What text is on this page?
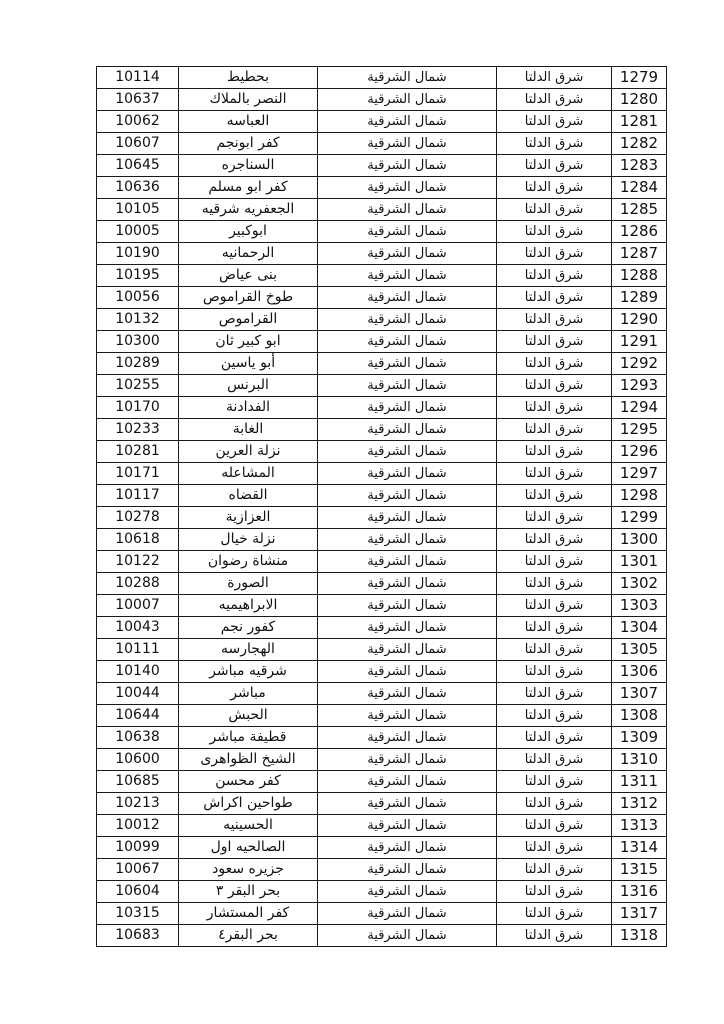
10114	بحطيط	شمال الشرقية	شرق الدلتا	1279
10637	النصر بالملاك	شمال الشرقية	شرق الدلتا	1280
10062	العباسه	شمال الشرقية	شرق الدلتا	1281
10607	كفر ابونجم	شمال الشرقية	شرق الدلتا	1282
10645	السناجره	شمال الشرقية	شرق الدلتا	1283
10636	كفر ابو مسلم	شمال الشرقية	شرق الدلتا	1284
10105	الجعفريه شرقيه	شمال الشرقية	شرق الدلتا	1285
10005	ابوكبير	شمال الشرقية	شرق الدلتا	1286
10190	الرحمانيه	شمال الشرقية	شرق الدلتا	1287
10195	بنى عياض	شمال الشرقية	شرق الدلتا	1288
10056	طوخ القراموص	شمال الشرقية	شرق الدلتا	1289
10132	القراموص	شمال الشرقية	شرق الدلتا	1290
10300	ابو كبير ثان	شمال الشرقية	شرق الدلتا	1291
10289	أبو ياسين	شمال الشرقية	شرق الدلتا	1292
10255	البرنس	شمال الشرقية	شرق الدلتا	1293
10170	الفدادنة	شمال الشرقية	شرق الدلتا	1294
10233	الغابة	شمال الشرقية	شرق الدلتا	1295
10281	نزلة العرين	شمال الشرقية	شرق الدلتا	1296
10171	المشاعله	شمال الشرقية	شرق الدلتا	1297
10117	القضاه	شمال الشرقية	شرق الدلتا	1298
10278	العزازية	شمال الشرقية	شرق الدلتا	1299
10618	نزلة خيال	شمال الشرقية	شرق الدلتا	1300
10122	منشاة رضوان	شمال الشرقية	شرق الدلتا	1301
10288	الصورة	شمال الشرقية	شرق الدلتا	1302
10007	الابراهيميه	شمال الشرقية	شرق الدلتا	1303
10043	كفور نجم	شمال الشرقية	شرق الدلتا	1304
10111	الهجارسه	شمال الشرقية	شرق الدلتا	1305
10140	شرقيه مباشر	شمال الشرقية	شرق الدلتا	1306
10044	مباشر	شمال الشرقية	شرق الدلتا	1307
10644	الحبش	شمال الشرقية	شرق الدلتا	1308
10638	قطيفة مباشر	شمال الشرقية	شرق الدلتا	1309
10600	الشيخ الظواهرى	شمال الشرقية	شرق الدلتا	1310
10685	كفر محسن	شمال الشرقية	شرق الدلتا	1311
10213	طواحين اكراش	شمال الشرقية	شرق الدلتا	1312
10012	الحسينيه	شمال الشرقية	شرق الدلتا	1313
10099	الصالحيه اول	شمال الشرقية	شرق الدلتا	1314
10067	جزيره سعود	شمال الشرقية	شرق الدلتا	1315
10604	بحر البقر ٣	شمال الشرقية	شرق الدلتا	1316
10315	كفر المستشار	شمال الشرقية	شرق الدلتا	1317
10683	بحر البقر٤	شمال الشرقية	شرق الدلتا	1318
